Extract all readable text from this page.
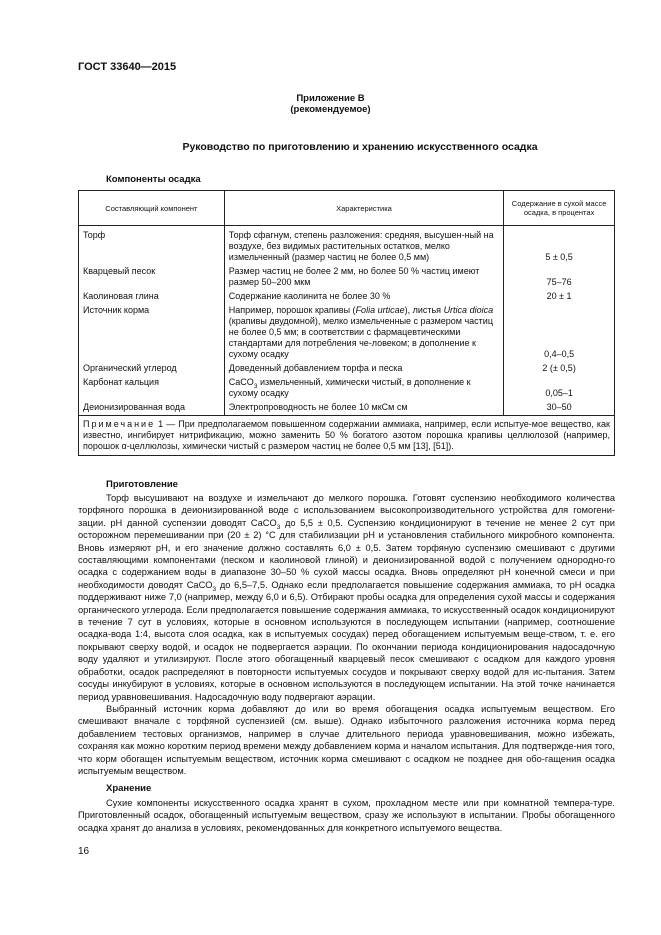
ГОСТ 33640—2015
Приложение В
(рекомендуемое)
Руководство по приготовлению и хранению искусственного осадка
Компоненты осадка
Составляющий компонент	Характеристика	Содержание в сухой массе осадка, в процентах
Торф	Торф сфагнум, степень разложения: средняя, высушен-ный на воздухе, без видимых растительных остатков, мелко измельченный (размер частиц не более 0,5 мм)	5 ± 0,5
Кварцевый песок	Размер частиц не более 2 мм, но более 50 % частиц имеют размер 50–200 мкм	75–76
Каолиновая глина	Содержание каолинита не более 30 %	20 ± 1
Источник корма	Например, порошок крапивы (Folia urticae), листья Urtica dioica (крапивы двудомной), мелко измельченные с размером частиц не более 0,5 мм; в соответствии с фармацевтическими стандартами для потребления че-ловеком; в дополнение к сухому осадку	0,4–0,5
Органический углерод	Доведенный добавлением торфа и песка	2 (± 0,5)
Карбонат кальция	CaCO$_3$ измельченный, химически чистый, в дополнение к сухому осадку	0,05–1
Деионизированная вода	Электропроводность не более 10 мкСм см	30–50
Примечание 1 — При предполагаемом повышенном содержании аммиака, например, если испытуе-мое вещество, как известно, ингибирует нитрификацию, можно заменить 50 % богатого азотом порошка крапивы целлюлозой (например, порошок α-целлюлозы, химически чистый с размером частиц не более 0,5 мм [13], [51]).		
Приготовление

Торф высушивают на воздухе и измельчают до мелкого порошка. Готовят суспензию необходимого количества торфяного порошка в деионизированной воде с использованием высокопроизводительного устройства для гомогени-зации. pH данной суспензии доводят CaCO$_3$ до 5,5 ± 0,5. Суспензию кондиционируют в течение не менее 2 сут при осторожном перемешивании при (20 ± 2) °С для стабилизации pH и установления стабильного микробного компонента. Вновь измеряют pH, и его значение должно составлять 6,0 ± 0,5. Затем торфяную суспензию смешивают с другими составляющими компонентами (песком и каолиновой глиной) и деионизированной водой с получением однородно-го осадка с содержанием воды в диапазоне 30–50 % сухой массы осадка. Вновь определяют pH конечной смеси и при необходимости доводят CaCO$_3$ до 6,5–7,5. Однако если предполагается повышение содержания аммиака, то pH осадка поддерживают ниже 7,0 (например, между 6,0 и 6,5). Отбирают пробы осадка для определения сухой массы и содержания органического углерода. Если предполагается повышение содержания аммиака, то искусственный осадок кондиционируют в течение 7 сут в условиях, которые в основном используются в последующем испытании (например, соотношение осадка-вода 1:4, высота слоя осадка, как в испытуемых сосудах) перед обогащением испытуемым веще-ством, т. е. его покрывают сверху водой, и осадок не подвергается аэрации. По окончании периода кондиционирования надосадочную воду удаляют и утилизируют. После этого обогащенный кварцевый песок смешивают с осадком для каждого уровня обработки, осадок распределяют в повторности испытуемых сосудов и покрывают сверху водой для ис-пытания. Затем сосуды инкубируют в условиях, которые в основном используются в последующем испытании. На этой точке начинается период уравновешивания. Надосадочную воду подвергают аэрации.

Выбранный источник корма добавляют до или во время обогащения осадка испытуемым веществом. Его смешивают вначале с торфяной суспензией (см. выше). Однако избыточного разложения источника корма перед добавлением тестовых организмов, например в случае длительного периода уравновешивания, можно избежать, сохраняя как можно коротким период времени между добавлением корма и началом испытания. Для подтвержде-ния того, что корм обогащен испытуемым веществом, источник корма смешивают с осадком не позднее дня обо-гащения осадка испытуемым веществом.

Хранение

Сухие компоненты искусственного осадка хранят в сухом, прохладном месте или при комнатной темпера-туре. Приготовленный осадок, обогащенный испытуемым веществом, сразу же используют в испытании. Пробы обогащенного осадка хранят до анализа в условиях, рекомендованных для конкретного испытуемого вещества.

16
